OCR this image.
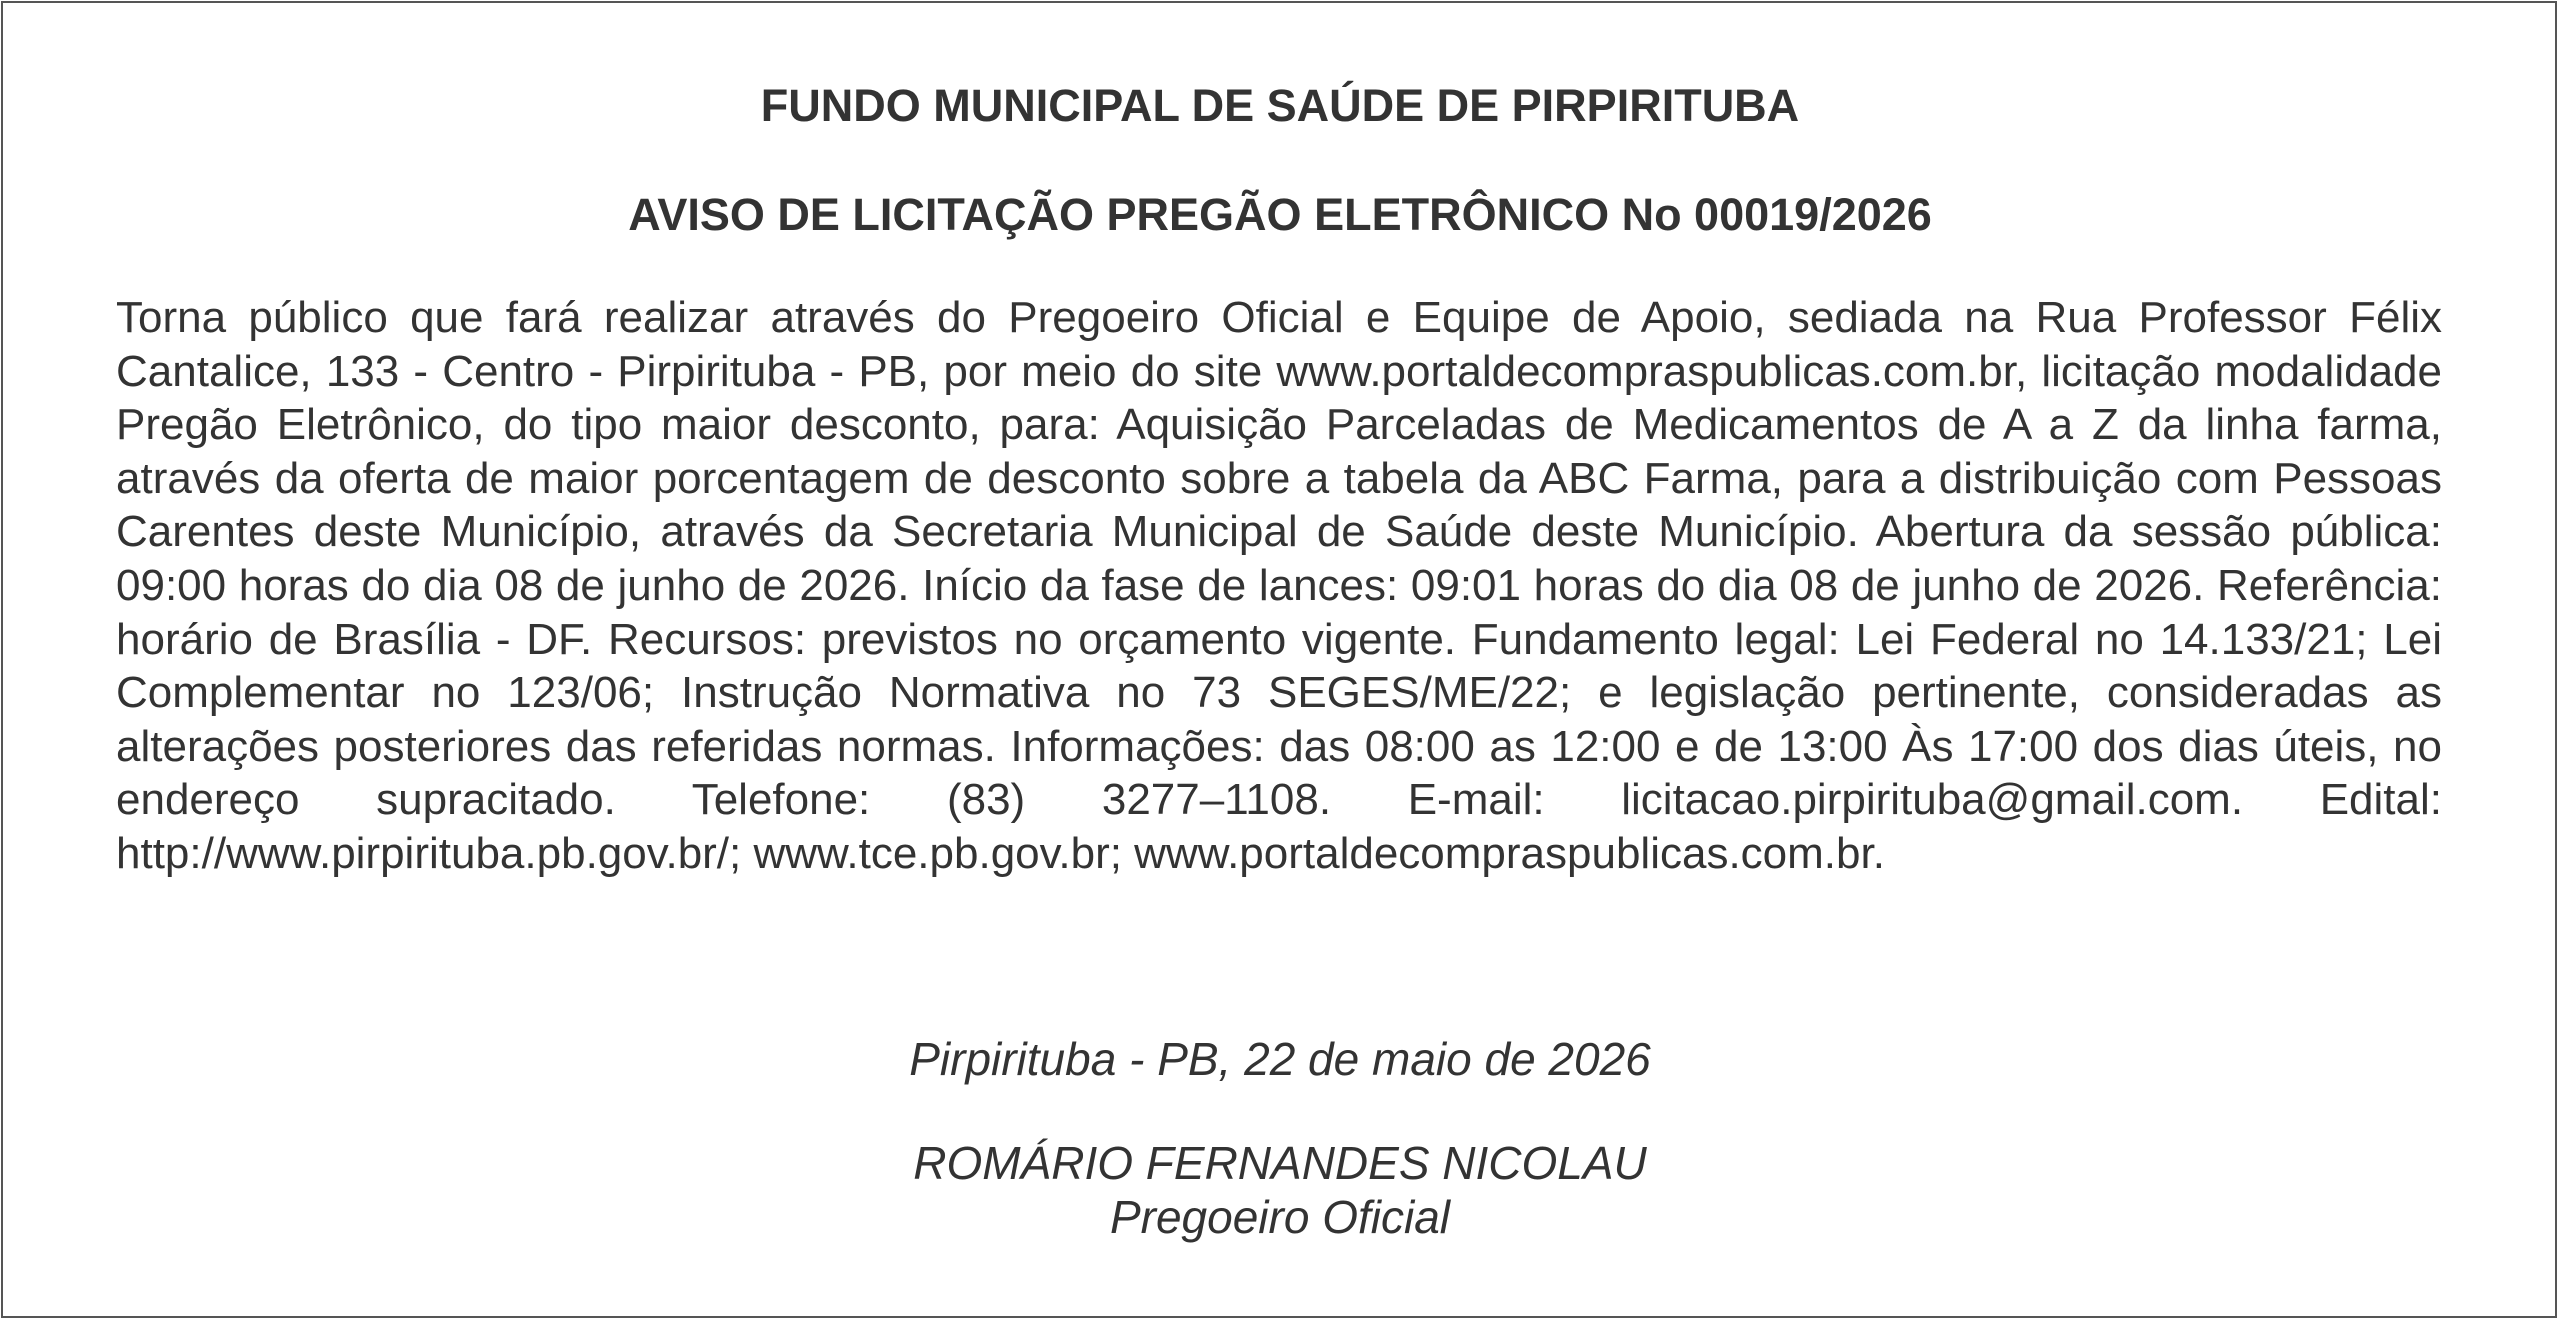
FUNDO MUNICIPAL DE SAÚDE DE PIRPIRITUBA
AVISO DE LICITAÇÃO PREGÃO ELETRÔNICO No 00019/2026
Torna público que fará realizar através do Pregoeiro Oficial e Equipe de Apoio, sediada na Rua Professor Félix Cantalice, 133 - Centro - Pirpirituba - PB, por meio do site www.portaldecompraspublicas.com.br, licitação modalidade Pregão Eletrônico, do tipo maior desconto, para: Aquisição Parceladas de Medicamentos de A a Z da linha farma, através da oferta de maior porcentagem de desconto sobre a tabela da ABC Farma, para a distribuição com Pessoas Carentes deste Município, através da Secretaria Municipal de Saúde deste Município. Abertura da sessão pública: 09:00 horas do dia 08 de junho de 2026. Início da fase de lances: 09:01 horas do dia 08 de junho de 2026. Referência: horário de Brasília - DF. Recursos: previstos no orçamento vigente. Fundamento legal: Lei Federal no 14.133/21; Lei Complementar no 123/06; Instrução Normativa no 73 SEGES/ME/22; e legislação pertinente, consideradas as alterações posteriores das referidas normas. Informações: das 08:00 as 12:00 e de 13:00 Às 17:00 dos dias úteis, no endereço supracitado. Telefone: (83) 3277–1108. E-mail: licitacao.pirpirituba@gmail.com. Edital: http://www.pirpirituba.pb.gov.br/; www.tce.pb.gov.br; www.portaldecompraspublicas.com.br.
Pirpirituba - PB, 22 de maio de 2026
ROMÁRIO FERNANDES NICOLAU
Pregoeiro Oficial
